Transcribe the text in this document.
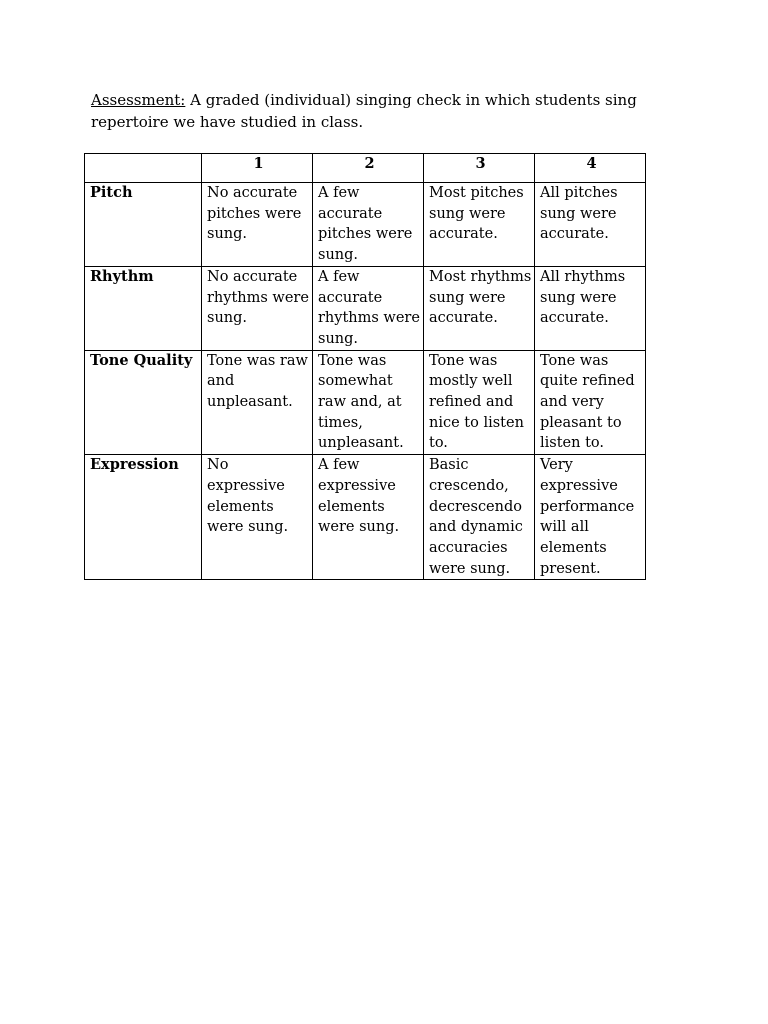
Assessment: A graded (individual) singing check in which students sing repertoire we have studied in class.

	1	2	3	4
Pitch	No accurate pitches were sung.	A few accurate pitches were sung.	Most pitches sung were accurate.	All pitches sung were accurate.
Rhythm	No accurate rhythms were sung.	A few accurate rhythms were sung.	Most rhythms sung were accurate.	All rhythms sung were accurate.
Tone Quality	Tone was raw and unpleasant.	Tone was somewhat raw and, at times, unpleasant.	Tone was mostly well refined and nice to listen to.	Tone was quite refined and very pleasant to listen to.
Expression	No expressive elements were sung.	A few expressive elements were sung.	Basic crescendo, decrescendo and dynamic accuracies were sung.	Very expressive performance will all elements present.
